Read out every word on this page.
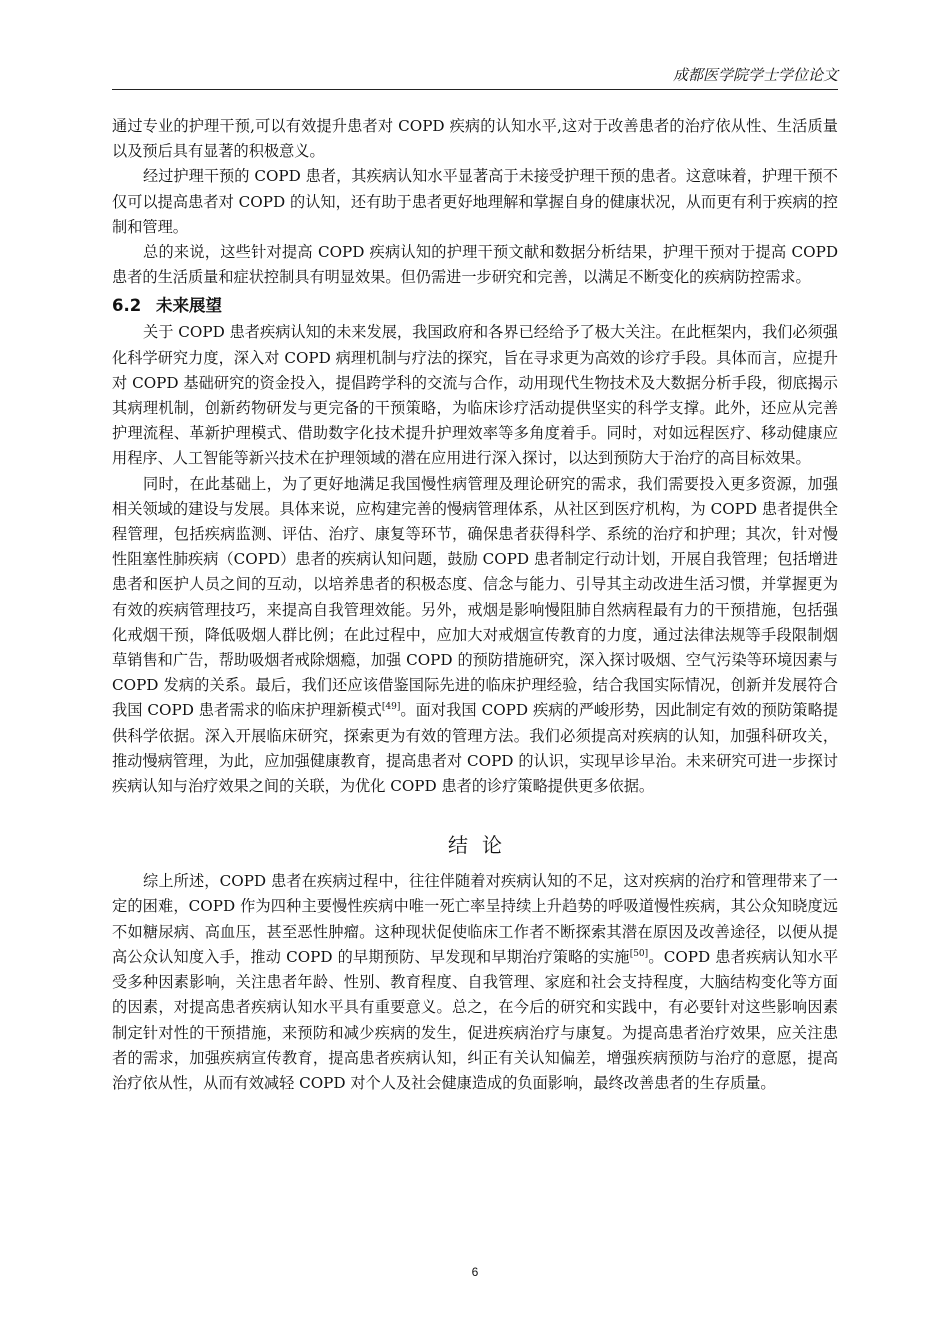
成都医学院学士学位论文

通过专业的护理干预,可以有效提升患者对 COPD 疾病的认知水平,这对于改善患者的治疗依从性、生活质量以及预后具有显著的积极意义。

经过护理干预的 COPD 患者，其疾病认知水平显著高于未接受护理干预的患者。这意味着，护理干预不仅可以提高患者对 COPD 的认知，还有助于患者更好地理解和掌握自身的健康状况，从而更有利于疾病的控制和管理。

总的来说，这些针对提高 COPD 疾病认知的护理干预文献和数据分析结果，护理干预对于提高 COPD 患者的生活质量和症状控制具有明显效果。但仍需进一步研究和完善，以满足不断变化的疾病防控需求。

6.2 未来展望

关于 COPD 患者疾病认知的未来发展，我国政府和各界已经给予了极大关注。在此框架内，我们必须强化科学研究力度，深入对 COPD 病理机制与疗法的探究，旨在寻求更为高效的诊疗手段。具体而言，应提升对 COPD 基础研究的资金投入，提倡跨学科的交流与合作，动用现代生物技术及大数据分析手段，彻底揭示其病理机制，创新药物研发与更完备的干预策略，为临床诊疗活动提供坚实的科学支撑。此外，还应从完善护理流程、革新护理模式、借助数字化技术提升护理效率等多角度着手。同时，对如远程医疗、移动健康应用程序、人工智能等新兴技术在护理领域的潜在应用进行深入探讨，以达到预防大于治疗的高目标效果。

同时，在此基础上，为了更好地满足我国慢性病管理及理论研究的需求，我们需要投入更多资源，加强相关领域的建设与发展。具体来说，应构建完善的慢病管理体系，从社区到医疗机构，为 COPD 患者提供全程管理，包括疾病监测、评估、治疗、康复等环节，确保患者获得科学、系统的治疗和护理；其次，针对慢性阻塞性肺疾病（COPD）患者的疾病认知问题，鼓励 COPD 患者制定行动计划，开展自我管理；包括增进患者和医护人员之间的互动，以培养患者的积极态度、信念与能力、引导其主动改进生活习惯，并掌握更为有效的疾病管理技巧，来提高自我管理效能。另外，戒烟是影响慢阻肺自然病程最有力的干预措施，包括强化戒烟干预，降低吸烟人群比例；在此过程中，应加大对戒烟宣传教育的力度，通过法律法规等手段限制烟草销售和广告，帮助吸烟者戒除烟瘾，加强 COPD 的预防措施研究，深入探讨吸烟、空气污染等环境因素与 COPD 发病的关系。最后，我们还应该借鉴国际先进的临床护理经验，结合我国实际情况，创新并发展符合我国 COPD 患者需求的临床护理新模式[49]。面对我国 COPD 疾病的严峻形势，因此制定有效的预防策略提供科学依据。深入开展临床研究，探索更为有效的管理方法。我们必须提高对疾病的认知，加强科研攻关，推动慢病管理，为此，应加强健康教育，提高患者对 COPD 的认识，实现早诊早治。未来研究可进一步探讨疾病认知与治疗效果之间的关联，为优化 COPD 患者的诊疗策略提供更多依据。

结论

综上所述，COPD 患者在疾病过程中，往往伴随着对疾病认知的不足，这对疾病的治疗和管理带来了一定的困难，COPD 作为四种主要慢性疾病中唯一死亡率呈持续上升趋势的呼吸道慢性疾病，其公众知晓度远不如糖尿病、高血压，甚至恶性肿瘤。这种现状促使临床工作者不断探索其潜在原因及改善途径，以便从提高公众认知度入手，推动 COPD 的早期预防、早发现和早期治疗策略的实施[50]。COPD 患者疾病认知水平受多种因素影响，关注患者年龄、性别、教育程度、自我管理、家庭和社会支持程度，大脑结构变化等方面的因素，对提高患者疾病认知水平具有重要意义。总之，在今后的研究和实践中，有必要针对这些影响因素制定针对性的干预措施，来预防和减少疾病的发生，促进疾病治疗与康复。为提高患者治疗效果，应关注患者的需求，加强疾病宣传教育，提高患者疾病认知，纠正有关认知偏差，增强疾病预防与治疗的意愿，提高治疗依从性，从而有效减轻 COPD 对个人及社会健康造成的负面影响，最终改善患者的生存质量。

6
